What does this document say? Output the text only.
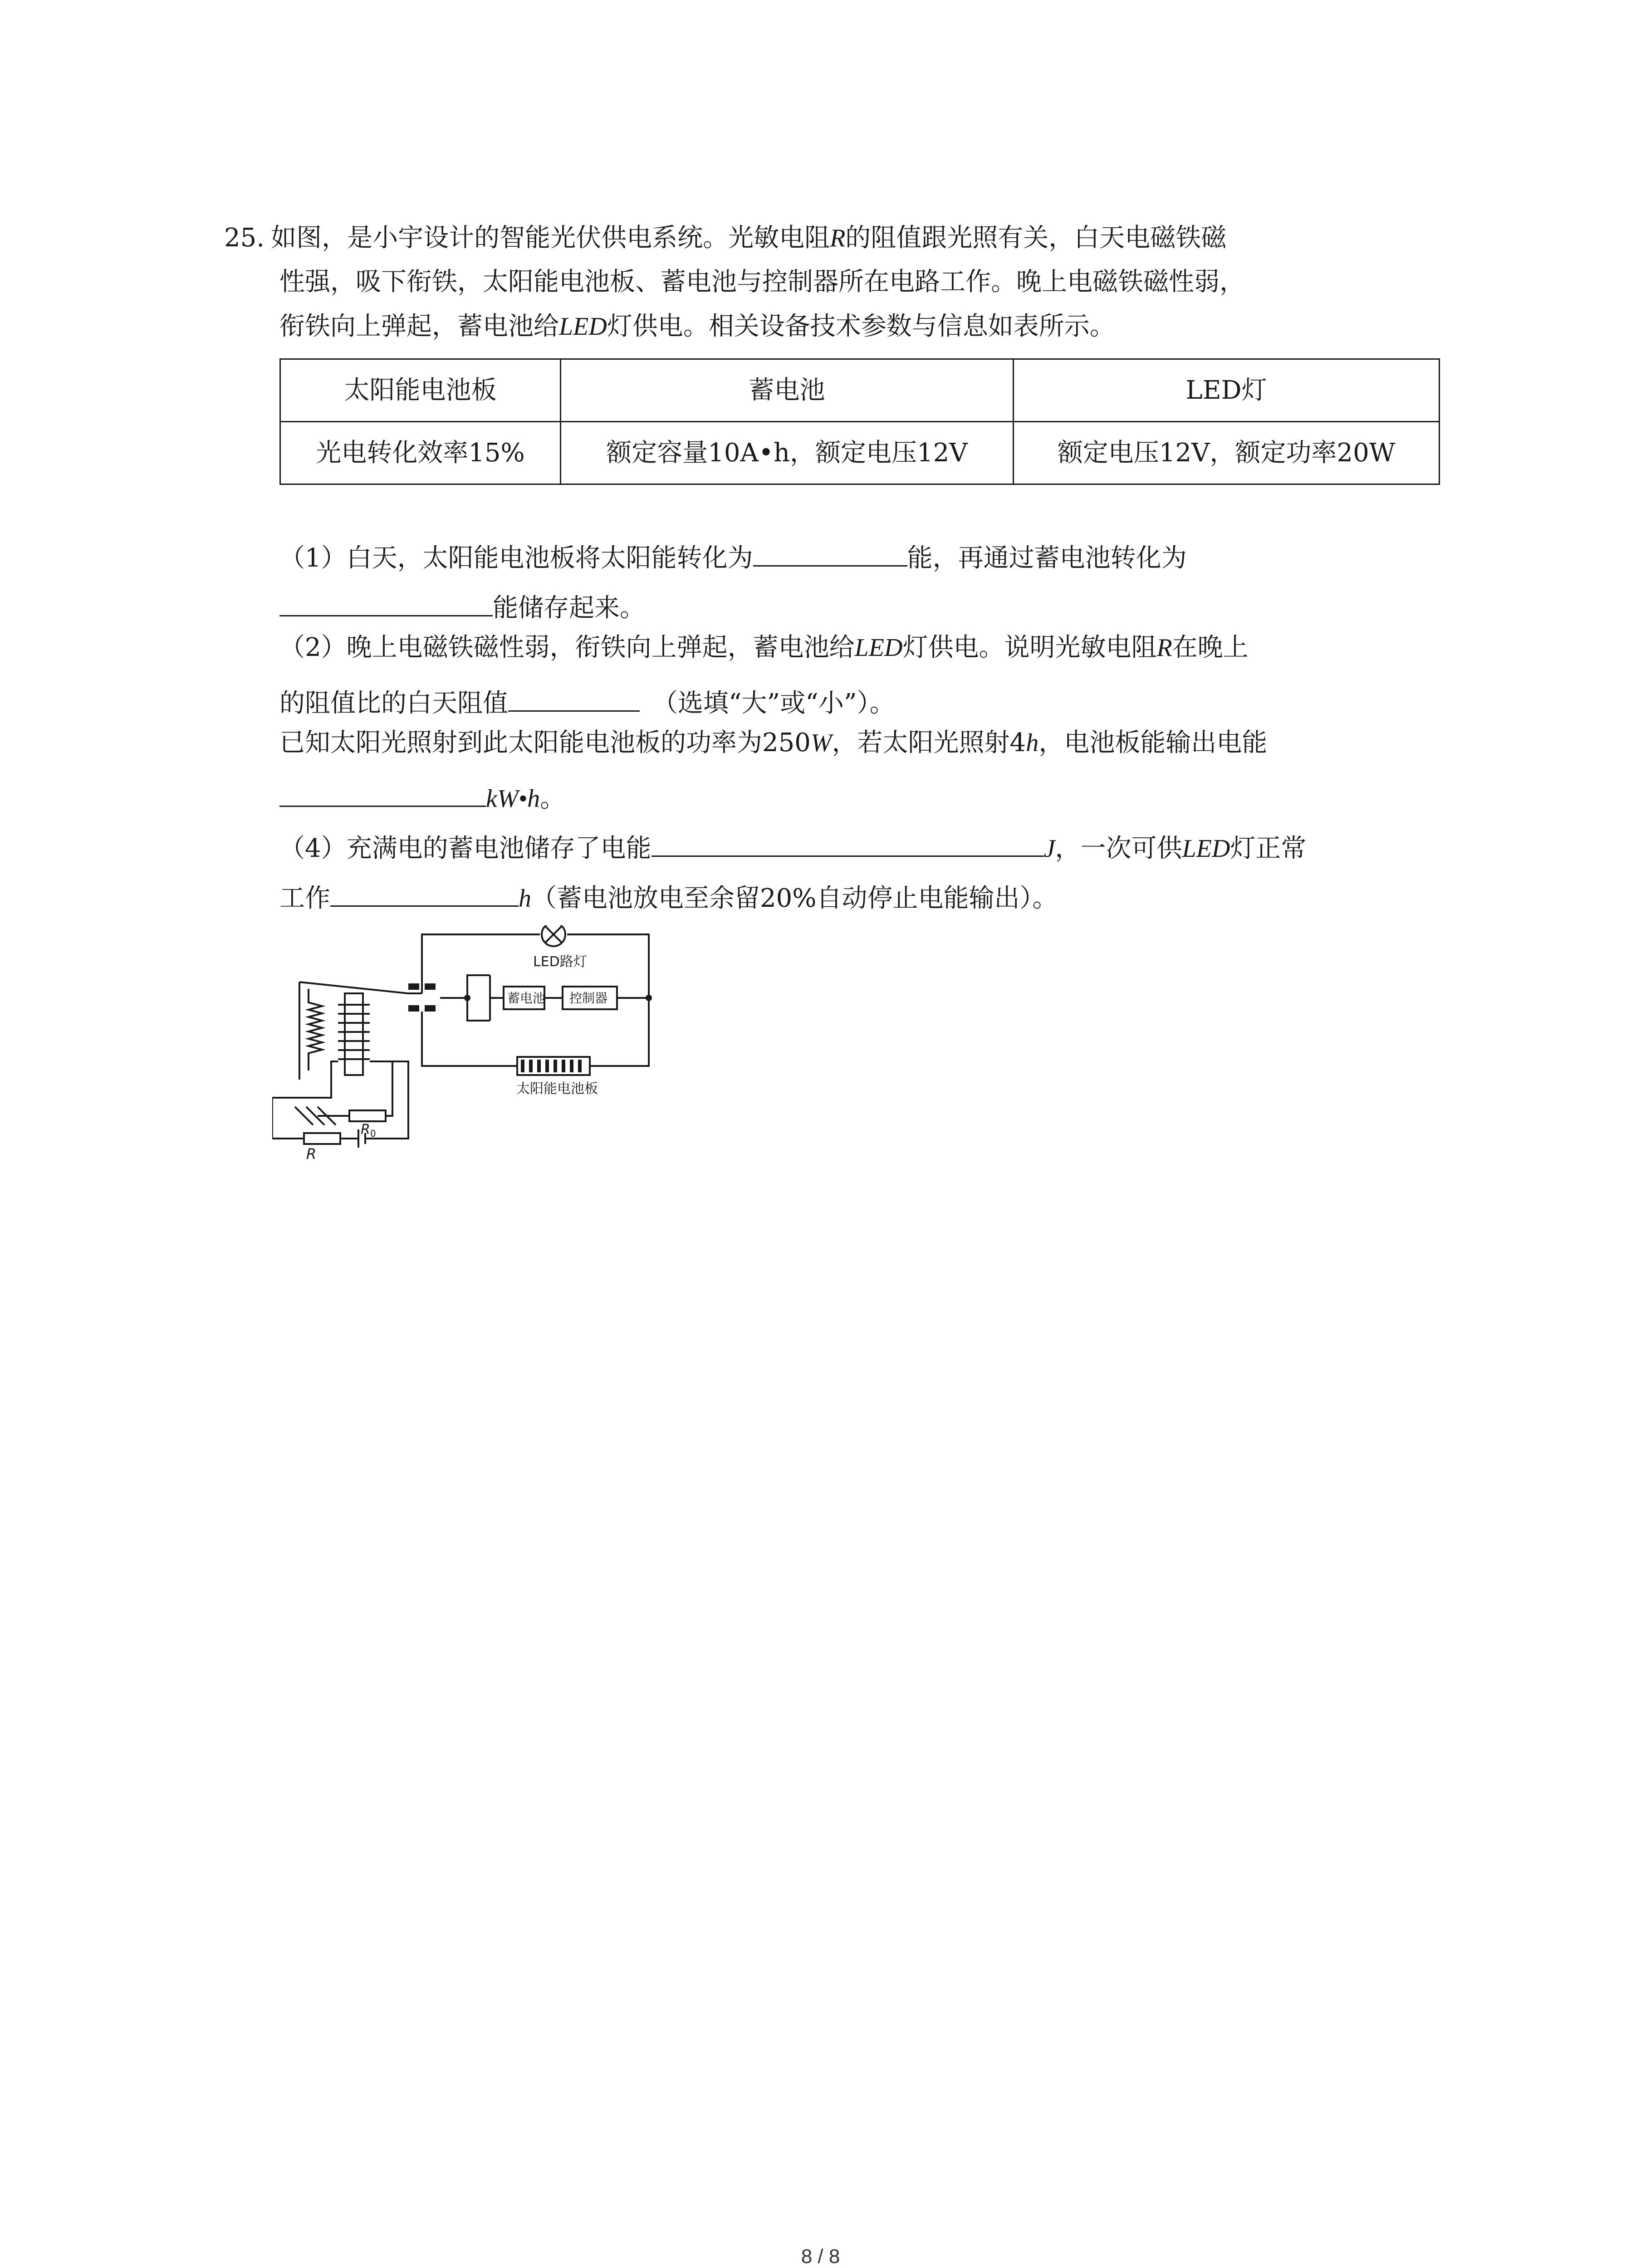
25. 如图，是小宇设计的智能光伏供电系统。光敏电阻R的阻值跟光照有关，白天电磁铁磁
性强，吸下衔铁，太阳能电池板、蓄电池与控制器所在电路工作。晚上电磁铁磁性弱，
衔铁向上弹起，蓄电池给LED灯供电。相关设备技术参数与信息如表所示。
太阳能电池板	蓄电池	LED灯
光电转化效率15%	额定容量10A•h，额定电压12V	额定电压12V，额定功率20W
（1）白天，太阳能电池板将太阳能转化为	能，再通过蓄电池转化为
能储存起来。
（2）晚上电磁铁磁性弱，衔铁向上弹起，蓄电池给LED灯供电。说明光敏电阻R在晚上
的阻值比的白天阻值	（选填“大”或“小”）。
已知太阳光照射到此太阳能电池板的功率为250W，若太阳光照射4h，电池板能输出电能
kW•h。
（4）充满电的蓄电池储存了电能	J，一次可供LED灯正常
工作	h（蓄电池放电至余留20%自动停止电能输出）。
LED路灯
蓄电池 控制器
太阳能电池板
$R_0$
R
8 / 8
